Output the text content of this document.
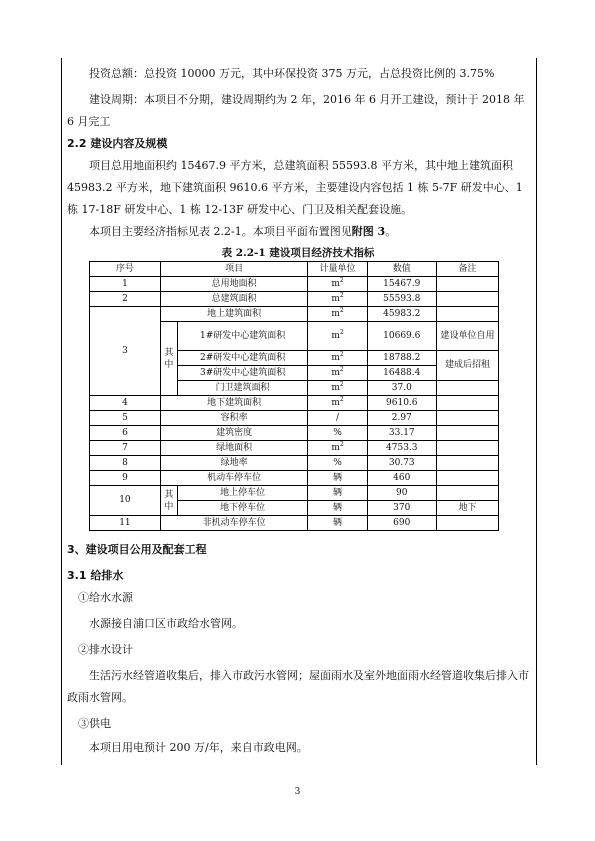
投资总额：总投资 10000 万元，其中环保投资 375 万元，占总投资比例的 3.75%

建设周期：本项目不分期，建设周期约为 2 年，2016 年 6 月开工建设，预计于 2018 年 6 月完工

2.2 建设内容及规模

项目总用地面积约 15467.9 平方米，总建筑面积 55593.8 平方米，其中地上建筑面积 45983.2 平方米，地下建筑面积 9610.6 平方米，主要建设内容包括 1 栋 5-7F 研发中心、1 栋 17-18F 研发中心、1 栋 12-13F 研发中心、门卫及相关配套设施。

本项目主要经济指标见表 2.2-1。本项目平面布置图见附图 3。

表 2.2-1 建设项目经济技术指标

序号	项目		计量单位	数值	备注
1	总用地面积		$m^2$	15467.9	
2	总建筑面积		$m^2$	55593.8	
3	地上建筑面积		$m^2$	45983.2	
	其中	1#研发中心建筑面积	$m^2$	10669.6	建设单位自用
		2#研发中心建筑面积	$m^2$	18788.2	建成后招租
		3#研发中心建筑面积	$m^2$	16488.4	
		门卫建筑面积	$m^2$	37.0	
4	地下建筑面积		$m^2$	9610.6	
5	容积率		/	2.97	
6	建筑密度		%	33.17	
7	绿地面积		$m^2$	4753.3	
8	绿地率		%	30.73	
9	机动车停车位		辆	460	
10	其中	地上停车位	辆	90	
		地下停车位	辆	370	地下
11	非机动车停车位		辆	690	

3、建设项目公用及配套工程

3.1 给排水

①给水水源

水源接自浦口区市政给水管网。

②排水设计

生活污水经管道收集后，排入市政污水管网；屋面雨水及室外地面雨水经管道收集后排入市政雨水管网。

③供电

本项目用电预计 200 万/年，来自市政电网。

3
